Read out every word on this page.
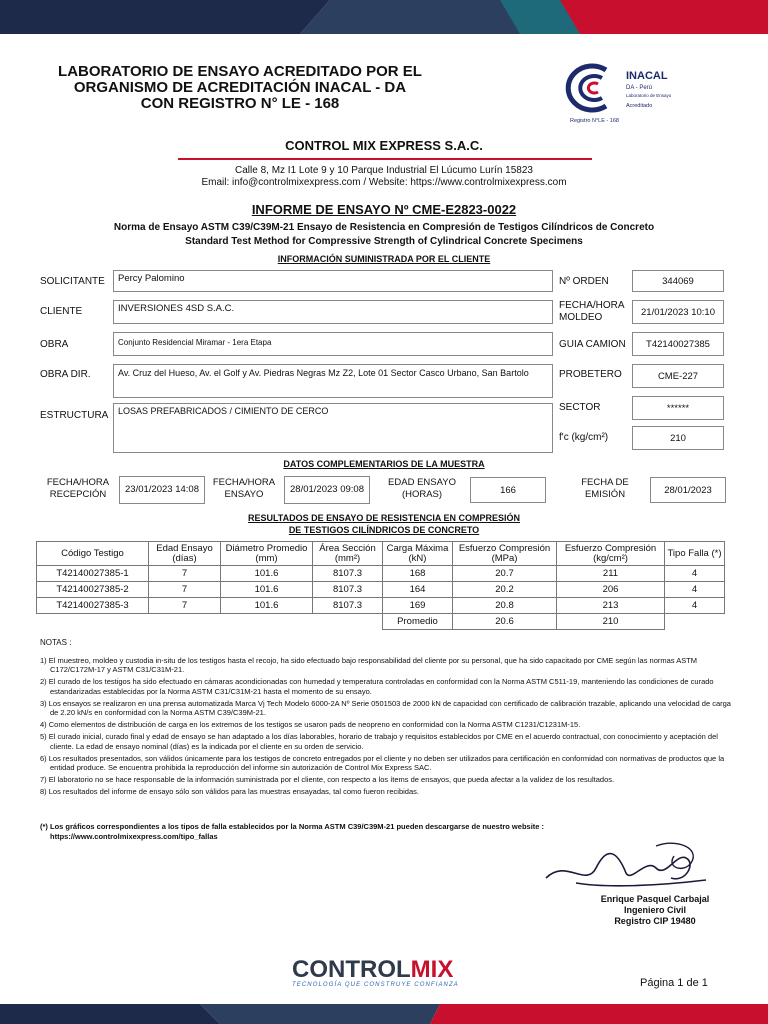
LABORATORIO DE ENSAYO ACREDITADO POR EL
ORGANISMO DE ACREDITACIÓN INACAL - DA
CON REGISTRO N° LE - 168
INACAL
DA - Perú
Laboratorio de Ensayo
Acreditado
Registro N°LE - 168
CONTROL MIX EXPRESS S.A.C.
Calle 8, Mz I1 Lote 9 y 10 Parque Industrial El Lúcumo Lurín 15823
Email: info@controlmixexpress.com / Website: https://www.controlmixexpress.com
INFORME DE ENSAYO Nº CME-E2823-0022
Norma de Ensayo ASTM C39/C39M-21 Ensayo de Resistencia en Compresión de Testigos Cilíndricos de Concreto
Standard Test Method for Compressive Strength of Cylindrical Concrete Specimens
INFORMACIÓN SUMINISTRADA POR EL CLIENTE
SOLICITANTE	Percy Palomino
CLIENTE	INVERSIONES 4SD S.A.C.
OBRA	Conjunto Residencial Miramar - 1era Etapa
OBRA DIR.	Av. Cruz del Hueso, Av. el Golf y Av. Piedras Negras Mz Z2, Lote 01 Sector Casco Urbano, San Bartolo
ESTRUCTURA	LOSAS PREFABRICADOS / CIMIENTO DE CERCO
Nº ORDEN	344069
FECHA/HORA MOLDEO	21/01/2023 10:10
GUIA CAMION	T42140027385
PROBETERO	CME-227
SECTOR	******
f'c (kg/cm²)	210
DATOS COMPLEMENTARIOS DE LA MUESTRA
FECHA/HORA RECEPCIÓN	23/01/2023 14:08
FECHA/HORA ENSAYO	28/01/2023 09:08
EDAD ENSAYO (HORAS)	166
FECHA DE EMISIÓN	28/01/2023
RESULTADOS DE ENSAYO DE RESISTENCIA EN COMPRESIÓN
DE TESTIGOS CILÍNDRICOS DE CONCRETO
Código Testigo	Edad Ensayo (días)	Diámetro Promedio (mm)	Área Sección (mm²)	Carga Máxima (kN)	Esfuerzo Compresión (MPa)	Esfuerzo Compresión (kg/cm²)	Tipo Falla (*)
T42140027385-1	7	101.6	8107.3	168	20.7	211	4
T42140027385-2	7	101.6	8107.3	164	20.2	206	4
T42140027385-3	7	101.6	8107.3	169	20.8	213	4
				Promedio	20.6	210	
NOTAS :
1) El muestreo, moldeo y custodia in-situ de los testigos hasta el recojo, ha sido efectuado bajo responsabilidad del cliente por su personal, que ha sido capacitado por CME según las normas ASTM C172/C172M-17 y ASTM C31/C31M-21.
2) El curado de los testigos ha sido efectuado en cámaras acondicionadas con humedad y temperatura controladas en conformidad con la Norma ASTM C511-19, manteniendo las condiciones de curado estandarizadas establecidas por la Norma ASTM C31/C31M-21 hasta el momento de su ensayo.
3) Los ensayos se realizaron en una prensa automatizada Marca Vj Tech Modelo 6000-2A Nº Serie 0501503 de 2000 kN de capacidad con certificado de calibración trazable, aplicando una velocidad de carga de 2.20 kN/s en conformidad con la Norma ASTM C39/C39M-21.
4) Como elementos de distribución de carga en los extremos de los testigos se usaron pads de neopreno en conformidad con la Norma ASTM C1231/C1231M-15.
5) El curado inicial, curado final y edad de ensayo se han adaptado a los días laborables, horario de trabajo y requisitos establecidos por CME en el acuerdo contractual, con conocimiento y aceptación del cliente. La edad de ensayo nominal (días) es la indicada por el cliente en su orden de servicio.
6) Los resultados presentados, son válidos únicamente para los testigos de concreto entregados por el cliente y no deben ser utilizados para certificación en conformidad con normativas de productos que la entidad produce. Se encuentra prohibida la reproducción del informe sin autorización de Control Mix Express SAC.
7) El laboratorio no se hace responsable de la información suministrada por el cliente, con respecto a los ítems de ensayos, que pueda afectar a la validez de los resultados.
8) Los resultados del informe de ensayo sólo son válidos para las muestras ensayadas, tal como fueron recibidas.
(*) Los gráficos correspondientes a los tipos de falla establecidos por la Norma ASTM C39/C39M-21 pueden descargarse de nuestro website :
https://www.controlmixexpress.com/tipo_fallas
Enrique Pasquel Carbajal
Ingeniero Civil
Registro CIP 19480
CONTROLMIX
TECNOLOGÍA QUE CONSTRUYE CONFIANZA	Página 1 de 1
